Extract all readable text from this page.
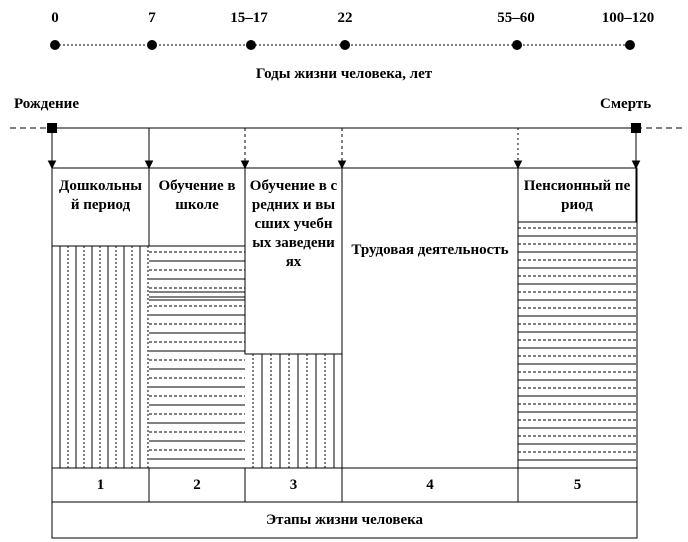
0	7	15–17	22	55–60	100–120
Годы жизни человека, лет
Рождение	Смерть
Дошкольный период
Обучение в школе
Обучение в средних и высших учебных заведениях
Трудовая деятельность
Пенсионный период
1	2	3	4	5
Этапы жизни человека
